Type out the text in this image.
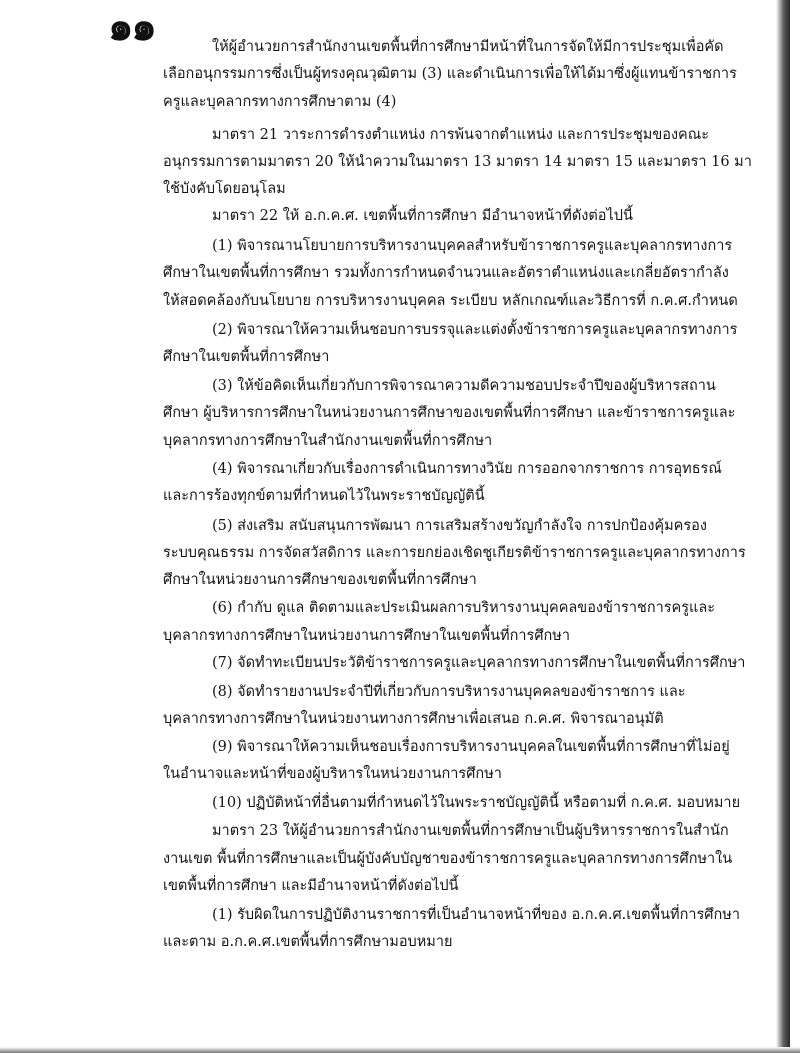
๑๑	ให้ผู้อำนวยการสำนักงานเขตพื้นที่การศึกษามีหน้าที่ในการจัดให้มีการประชุมเพื่อคัด
เลือกอนุกรรมการซึ่งเป็นผู้ทรงคุณวุฒิตาม (3) และดำเนินการเพื่อให้ได้มาซึ่งผู้แทนข้าราชการ
ครูและบุคลากรทางการศึกษาตาม (4)
มาตรา 21 วาระการดำรงตำแหน่ง การพ้นจากตำแหน่ง และการประชุมของคณะ
อนุกรรมการตามมาตรา 20 ให้นำความในมาตรา 13 มาตรา 14 มาตรา 15 และมาตรา 16 มา
ใช้บังคับโดยอนุโลม
มาตรา 22 ให้ อ.ก.ค.ศ. เขตพื้นที่การศึกษา มีอำนาจหน้าที่ดังต่อไปนี้
(1) พิจารณานโยบายการบริหารงานบุคคลสำหรับข้าราชการครูและบุคลากรทางการ
ศึกษาในเขตพื้นที่การศึกษา รวมทั้งการกำหนดจำนวนและอัตราตำแหน่งและเกลี่ยอัตรากำลัง
ให้สอดคล้องกับนโยบาย การบริหารงานบุคคล ระเบียบ หลักเกณฑ์และวิธีการที่ ก.ค.ศ.กำหนด
(2) พิจารณาให้ความเห็นชอบการบรรจุและแต่งตั้งข้าราชการครูและบุคลากรทางการ
ศึกษาในเขตพื้นที่การศึกษา
(3) ให้ข้อคิดเห็นเกี่ยวกับการพิจารณาความดีความชอบประจำปีของผู้บริหารสถาน
ศึกษา ผู้บริหารการศึกษาในหน่วยงานการศึกษาของเขตพื้นที่การศึกษา และข้าราชการครูและ
บุคลากรทางการศึกษาในสำนักงานเขตพื้นที่การศึกษา
(4) พิจารณาเกี่ยวกับเรื่องการดำเนินการทางวินัย การออกจากราชการ การอุทธรณ์
และการร้องทุกข์ตามที่กำหนดไว้ในพระราชบัญญัตินี้
(5) ส่งเสริม สนับสนุนการพัฒนา การเสริมสร้างขวัญกำลังใจ การปกป้องคุ้มครอง
ระบบคุณธรรม การจัดสวัสดิการ และการยกย่องเชิดชูเกียรติข้าราชการครูและบุคลากรทางการ
ศึกษาในหน่วยงานการศึกษาของเขตพื้นที่การศึกษา
(6) กำกับ ดูแล ติดตามและประเมินผลการบริหารงานบุคคลของข้าราชการครูและ
บุคลากรทางการศึกษาในหน่วยงานการศึกษาในเขตพื้นที่การศึกษา
(7) จัดทำทะเบียนประวัติข้าราชการครูและบุคลากรทางการศึกษาในเขตพื้นที่การศึกษา
(8) จัดทำรายงานประจำปีที่เกี่ยวกับการบริหารงานบุคคลของข้าราชการ และ
บุคลากรทางการศึกษาในหน่วยงานทางการศึกษาเพื่อเสนอ ก.ค.ศ. พิจารณาอนุมัติ
(9) พิจารณาให้ความเห็นชอบเรื่องการบริหารงานบุคคลในเขตพื้นที่การศึกษาที่ไม่อยู่
ในอำนาจและหน้าที่ของผู้บริหารในหน่วยงานการศึกษา
(10) ปฏิบัติหน้าที่อื่นตามที่กำหนดไว้ในพระราชบัญญัตินี้ หรือตามที่ ก.ค.ศ. มอบหมาย
มาตรา 23 ให้ผู้อำนวยการสำนักงานเขตพื้นที่การศึกษาเป็นผู้บริหารราชการในสำนัก
งานเขต พื้นที่การศึกษาและเป็นผู้บังคับบัญชาของข้าราชการครูและบุคลากรทางการศึกษาใน
เขตพื้นที่การศึกษา และมีอำนาจหน้าที่ดังต่อไปนี้
(1) รับผิดในการปฏิบัติงานราชการที่เป็นอำนาจหน้าที่ของ อ.ก.ค.ศ.เขตพื้นที่การศึกษา
และตาม อ.ก.ค.ศ.เขตพื้นที่การศึกษามอบหมาย
